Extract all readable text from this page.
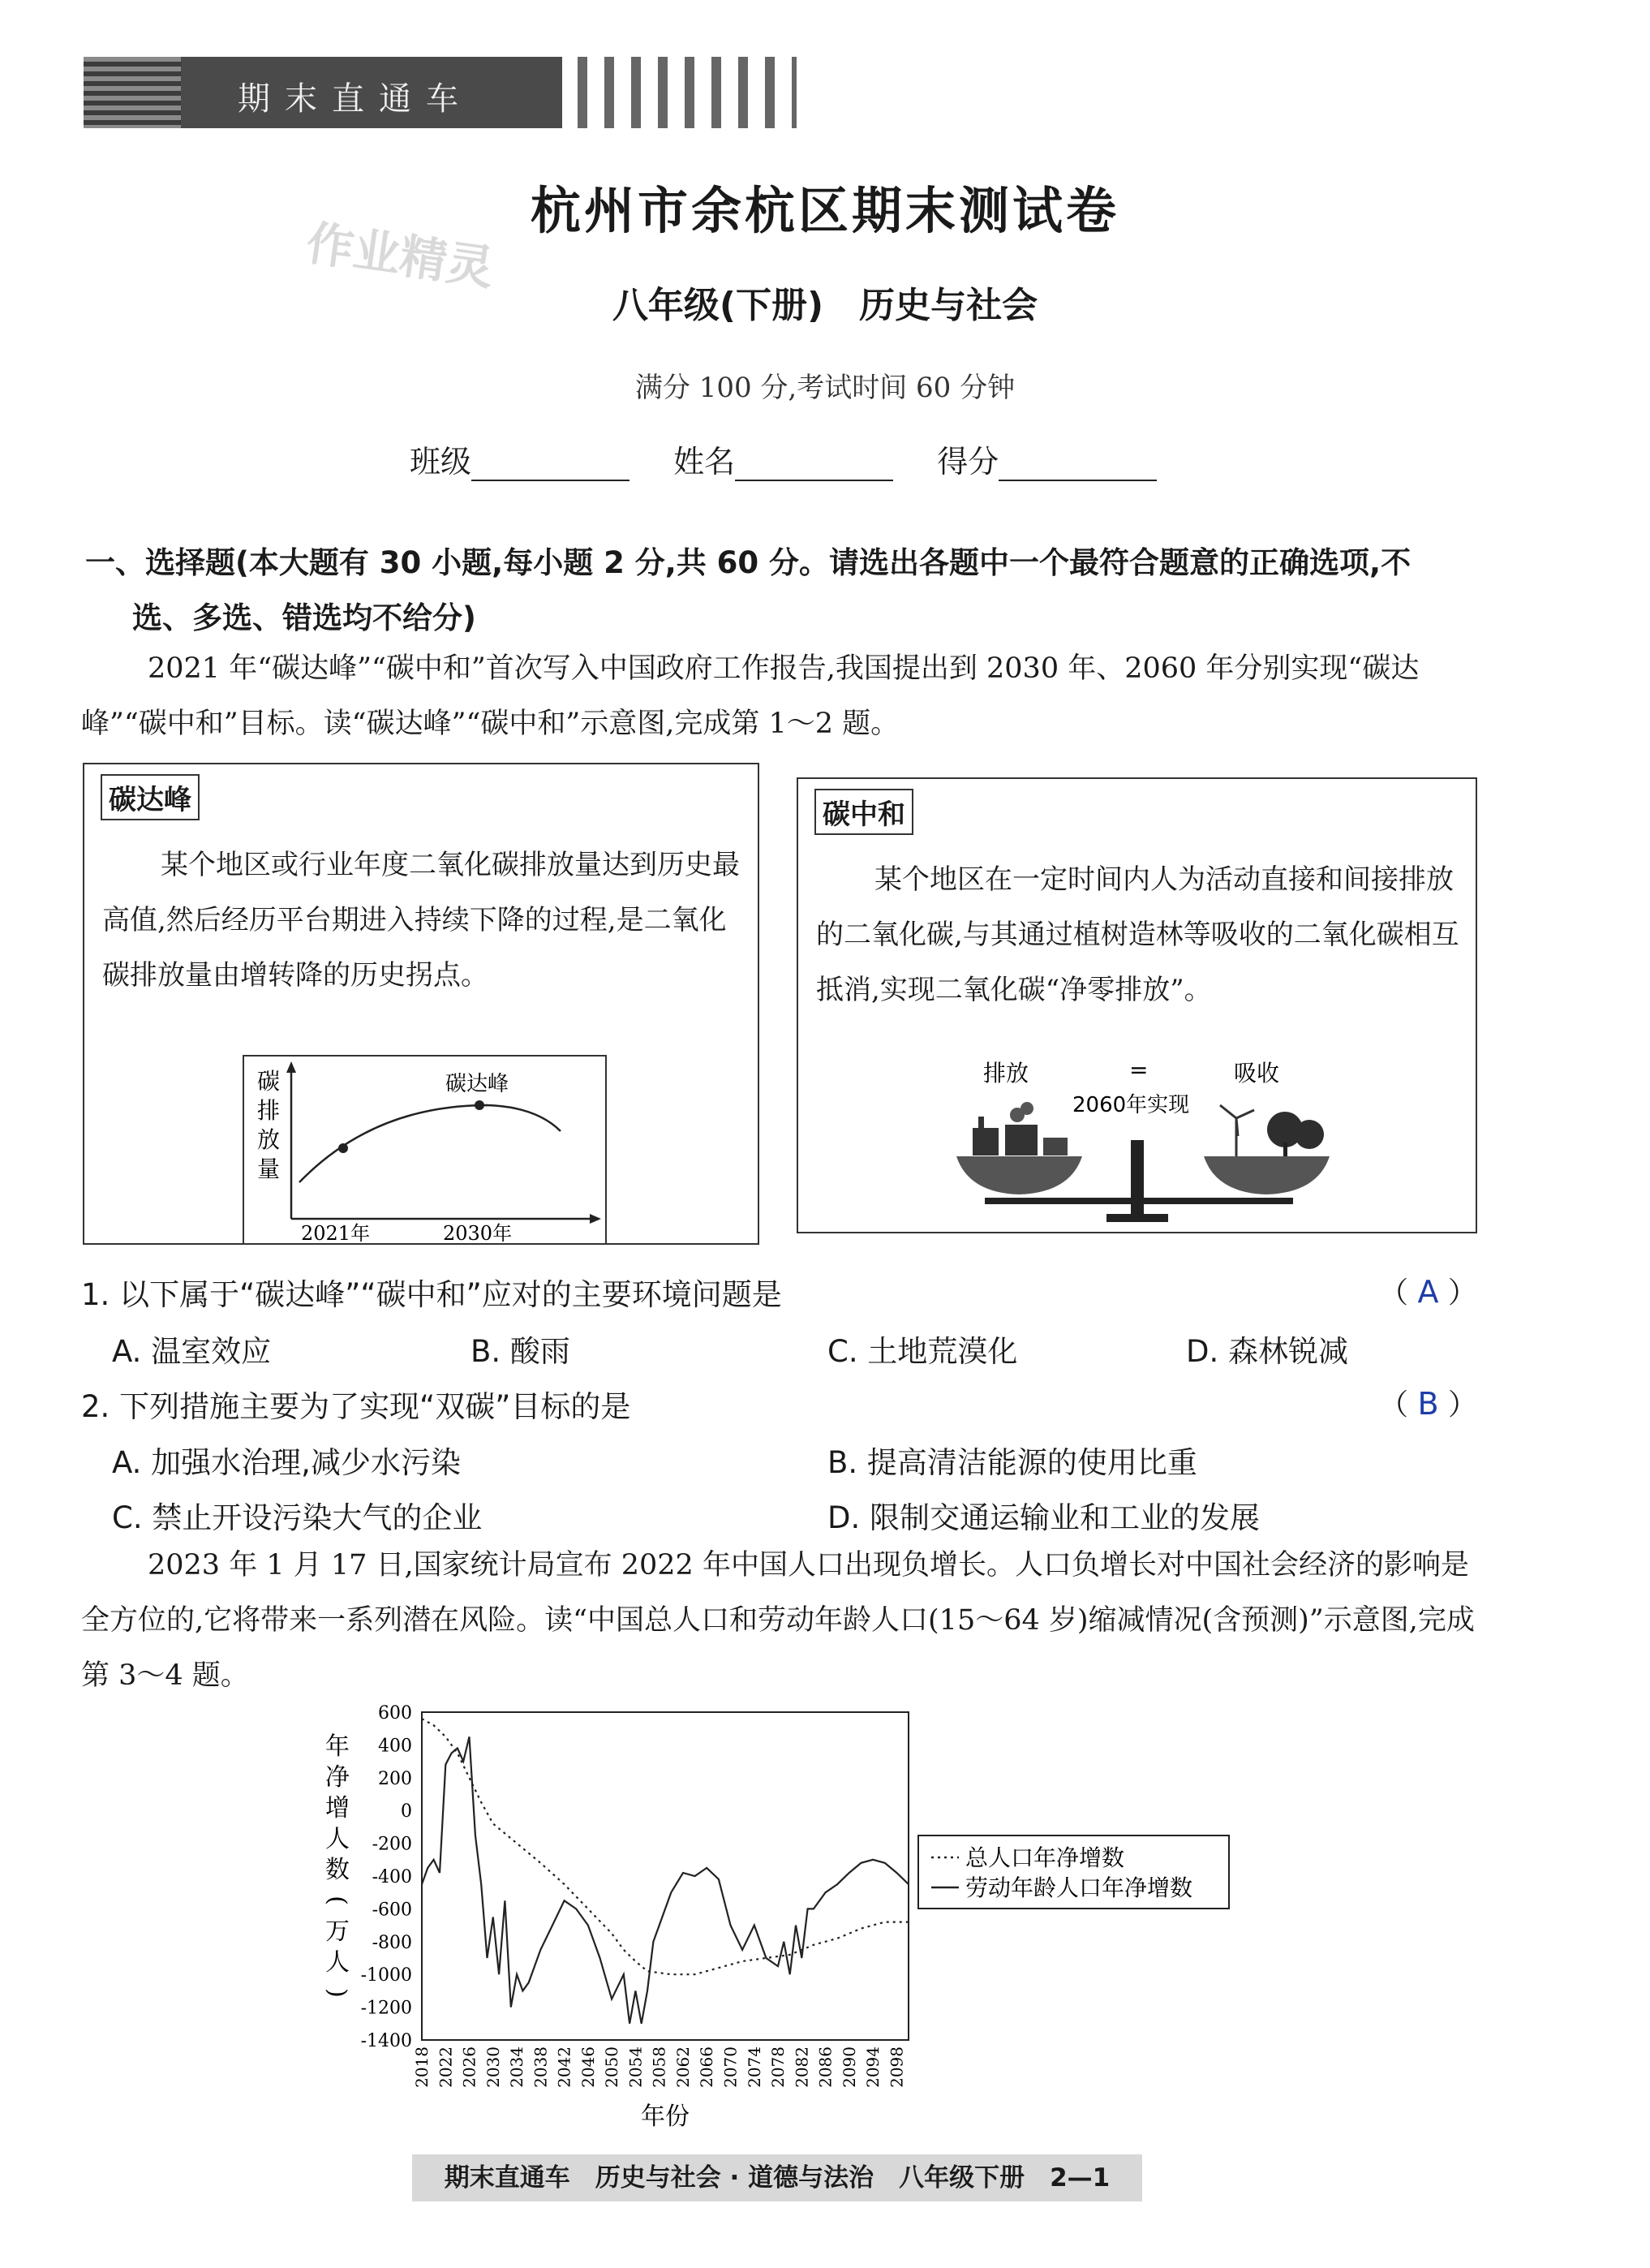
期末直通车
作业精灵
杭州市余杭区期末测试卷
八年级(下册)　历史与社会
满分 100 分,考试时间 60 分钟
班级	姓名	得分
一、选择题(本大题有 30 小题,每小题 2 分,共 60 分。请选出各题中一个最符合题意的正确选项,不
选、多选、错选均不给分)
2021 年“碳达峰”“碳中和”首次写入中国政府工作报告,我国提出到 2030 年、2060 年分别实现“碳达峰”“碳中和”目标。读“碳达峰”“碳中和”示意图,完成第 1～2 题。
碳达峰
某个地区或行业年度二氧化碳排放量达到历史最高值,然后经历平台期进入持续下降的过程,是二氧化碳排放量由增转降的历史拐点。
碳
排
放
量
碳达峰
2021年	2030年
碳中和
某个地区在一定时间内人为活动直接和间接排放的二氧化碳,与其通过植树造林等吸收的二氧化碳相互抵消,实现二氧化碳“净零排放”。
排放	=
2060年实现
吸收
1. 以下属于“碳达峰”“碳中和”应对的主要环境问题是	（ A ）
A. 温室效应	B. 酸雨	C. 土地荒漠化	D. 森林锐减
2. 下列措施主要为了实现“双碳”目标的是	（ B ）
A. 加强水治理,减少水污染	B. 提高清洁能源的使用比重
C. 禁止开设污染大气的企业	D. 限制交通运输业和工业的发展
2023 年 1 月 17 日,国家统计局宣布 2022 年中国人口出现负增长。人口负增长对中国社会经济的影响是全方位的,它将带来一系列潜在风险。读“中国总人口和劳动年龄人口(15～64 岁)缩减情况(含预测)”示意图,完成第 3～4 题。
600
400
200
0
-200
-400
-600
-800
-1000
-1200
-1400
2018 2022 2026 2030 2034 2038 2042 2046 2050 2054 2058 2062 2066 2070 2074 2078 2082 2086 2090 2094 2098
年
净
增
人
数
(
万
人
)
年份
总人口年净增数
劳动年龄人口年净增数
期末直通车　历史与社会 · 道德与法治　八年级下册　2—1
